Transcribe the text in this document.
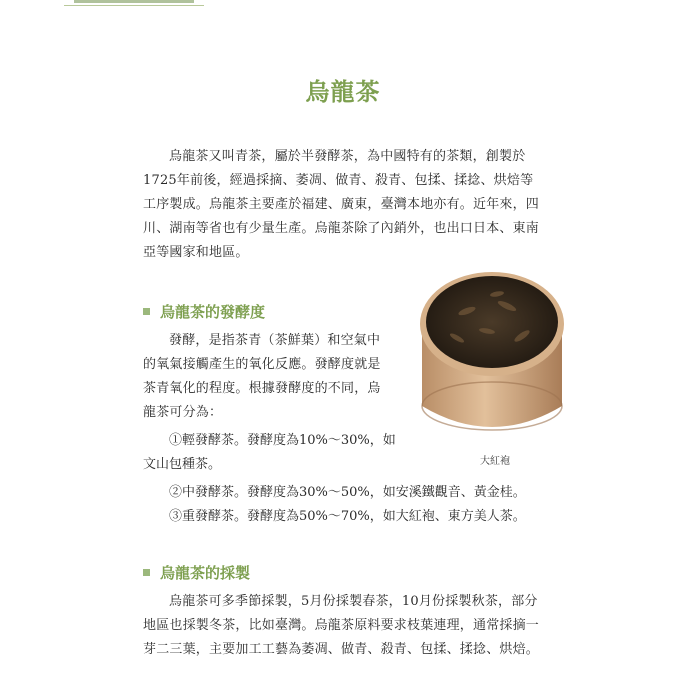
烏龍茶

烏龍茶又叫青茶，屬於半發酵茶，為中國特有的茶類，創製於1725年前後，經過採摘、萎凋、做青、殺青、包揉、揉捻、烘焙等工序製成。烏龍茶主要產於福建、廣東，臺灣本地亦有。近年來，四川、湖南等省也有少量生產。烏龍茶除了內銷外，也出口日本、東南亞等國家和地區。

烏龍茶的發酵度

發酵，是指茶青（茶鮮葉）和空氣中的氧氣接觸產生的氧化反應。發酵度就是茶青氧化的程度。根據發酵度的不同，烏龍茶可分為：

①輕發酵茶。發酵度為10%～30%，如
文山包種茶。
②中發酵茶。發酵度為30%～50%，如安溪鐵觀音、黃金桂。
③重發酵茶。發酵度為50%～70%，如大紅袍、東方美人茶。
大紅袍
烏龍茶的採製

烏龍茶可多季節採製，5月份採製春茶，10月份採製秋茶，部分地區也採製冬茶，比如臺灣。烏龍茶原料要求枝葉連理，通常採摘一芽二三葉，主要加工工藝為萎凋、做青、殺青、包揉、揉捻、烘焙。
